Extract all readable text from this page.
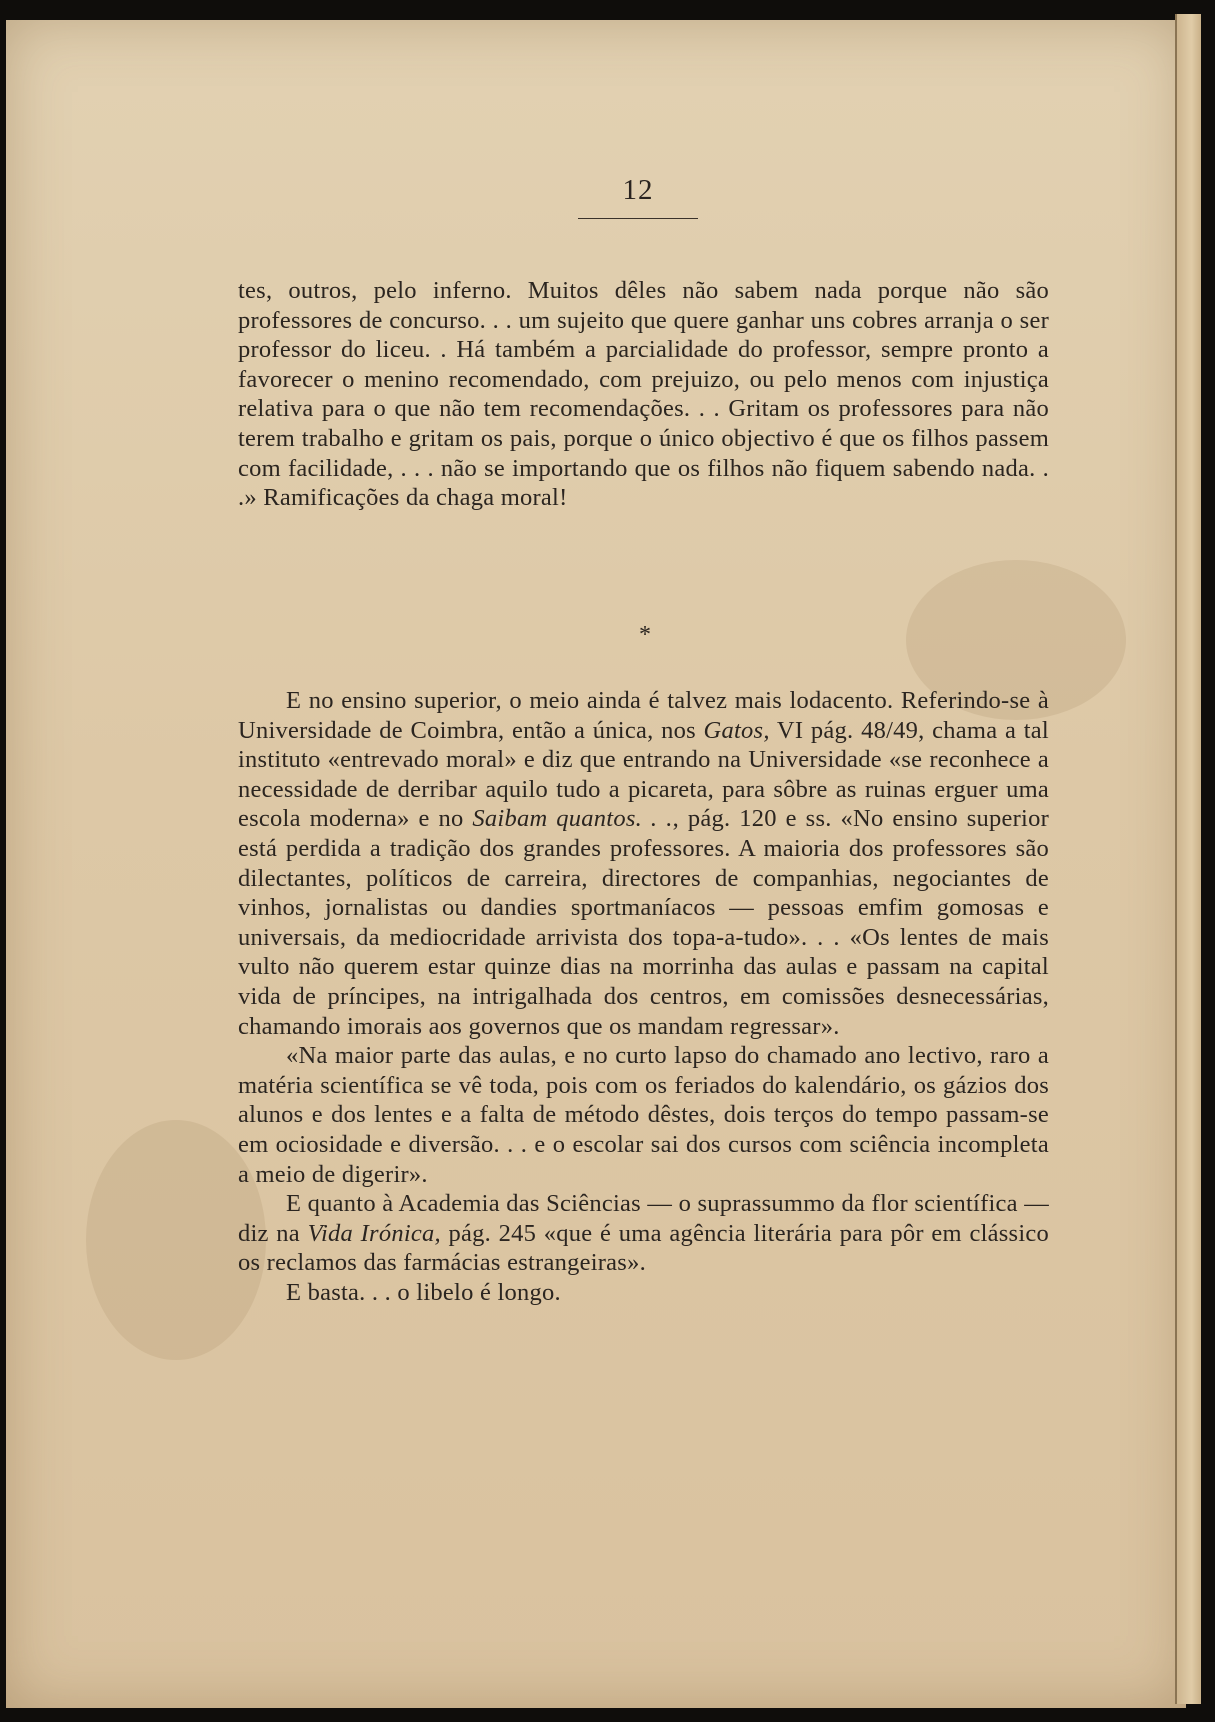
12

tes, outros, pelo inferno. Muitos dêles não sabem nada porque não são professores de concurso. . . um sujeito que quere ganhar uns cobres arranja o ser professor do liceu. . Há também a parcialidade do professor, sempre pronto a favorecer o menino recomendado, com prejuizo, ou pelo menos com injustiça relativa para o que não tem recomendações. . . Gritam os professores para não terem trabalho e gritam os pais, porque o único objectivo é que os filhos passem com facilidade, . . . não se importando que os filhos não fiquem sabendo nada. . .» Ramificações da chaga moral!

*

E no ensino superior, o meio ainda é talvez mais lodacento. Referindo-se à Universidade de Coimbra, então a única, nos Gatos, VI pág. 48/49, chama a tal instituto «entrevado moral» e diz que entrando na Universidade «se reconhece a necessidade de derribar aquilo tudo a picareta, para sôbre as ruinas erguer uma escola moderna» e no Saibam quantos. . ., pág. 120 e ss. «No ensino superior está perdida a tradição dos grandes professores. A maioria dos professores são dilectantes, políticos de carreira, directores de companhias, negociantes de vinhos, jornalistas ou dandies sportmaníacos — pessoas emfim gomosas e universais, da mediocridade arrivista dos topa-a-tudo». . . «Os lentes de mais vulto não querem estar quinze dias na morrinha das aulas e passam na capital vida de príncipes, na intrigalhada dos centros, em comissões desnecessárias, chamando imorais aos governos que os mandam regressar».

«Na maior parte das aulas, e no curto lapso do chamado ano lectivo, raro a matéria scientífica se vê toda, pois com os feriados do kalendário, os gázios dos alunos e dos lentes e a falta de método dêstes, dois terços do tempo passam-se em ociosidade e diversão. . . e o escolar sai dos cursos com sciência incompleta a meio de digerir».

E quanto à Academia das Sciências — o suprassummo da flor scientífica — diz na Vida Irónica, pág. 245 «que é uma agência literária para pôr em clássico os reclamos das farmácias estrangeiras».

E basta. . . o libelo é longo.
